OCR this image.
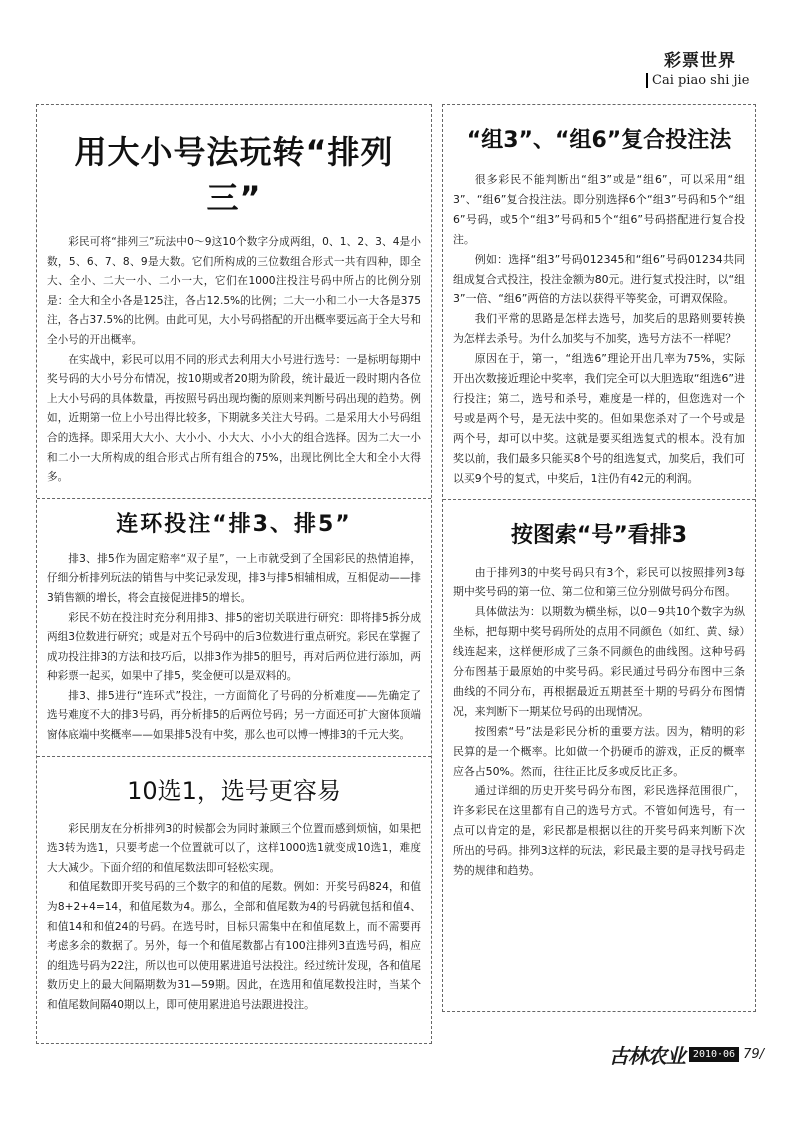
彩票世界
Cai piao shi jie
用大小号法玩转“排列三”

彩民可将“排列三”玩法中0～9这10个数字分成两组，0、1、2、3、4是小数，5、6、7、8、9是大数。它们所构成的三位数组合形式一共有四种，即全大、全小、二大一小、二小一大，它们在1000注投注号码中所占的比例分别是：全大和全小各是125注，各占12.5%的比例；二大一小和二小一大各是375注，各占37.5%的比例。由此可见，大小号码搭配的开出概率要远高于全大号和全小号的开出概率。

在实战中，彩民可以用不同的形式去利用大小号进行选号：一是标明每期中奖号码的大小号分布情况，按10期或者20期为阶段，统计最近一段时期内各位上大小号码的具体数量，再按照号码出现均衡的原则来判断号码出现的趋势。例如，近期第一位上小号出得比较多，下期就多关注大号码。二是采用大小号码组合的选择。即采用大大小、大小小、小大大、小小大的组合选择。因为二大一小和二小一大所构成的组合形式占所有组合的75%，出现比例比全大和全小大得多。

连环投注“排3、排5”

排3、排5作为固定赔率“双子星”，一上市就受到了全国彩民的热情追捧，仔细分析排列玩法的销售与中奖记录发现，排3与排5相辅相成，互相促动——排3销售额的增长，将会直接促进排5的增长。

彩民不妨在投注时充分利用排3、排5的密切关联进行研究：即将排5拆分成两组3位数进行研究；或是对五个号码中的后3位数进行重点研究。彩民在掌握了成功投注排3的方法和技巧后，以排3作为排5的胆号，再对后两位进行添加，两种彩票一起买，如果中了排5，奖金便可以是双料的。

排3、排5进行“连环式”投注，一方面简化了号码的分析难度——先确定了选号难度不大的排3号码，再分析排5的后两位号码；另一方面还可扩大窗体顶端窗体底端中奖概率——如果排5没有中奖，那么也可以博一博排3的千元大奖。

10选1，选号更容易

彩民朋友在分析排列3的时候都会为同时兼顾三个位置而感到烦恼，如果把选3转为选1，只要考虑一个位置就可以了，这样1000选1就变成10选1，难度大大减少。下面介绍的和值尾数法即可轻松实现。

和值尾数即开奖号码的三个数字的和值的尾数。例如：开奖号码824，和值为8+2+4=14，和值尾数为4。那么，全部和值尾数为4的号码就包括和值4、和值14和和值24的号码。在选号时，目标只需集中在和值尾数上，而不需要再考虑多余的数据了。另外，每一个和值尾数都占有100注排列3直选号码，相应的组选号码为22注，所以也可以使用累进追号法投注。经过统计发现，各和值尾数历史上的最大间隔期数为31—59期。因此，在选用和值尾数投注时，当某个和值尾数间隔40期以上，即可使用累进追号法跟进投注。

“组3”、“组6”复合投注法

很多彩民不能判断出“组3”或是“组6”，可以采用“组3”、“组6”复合投注法。即分别选择6个“组3”号码和5个“组6”号码，或5个“组3”号码和5个“组6”号码搭配进行复合投注。

例如：选择“组3”号码012345和“组6”号码01234共同组成复合式投注，投注金额为80元。进行复式投注时，以“组3”一倍、“组6”两倍的方法以获得平等奖金，可谓双保险。

我们平常的思路是怎样去选号，加奖后的思路则要转换为怎样去杀号。为什么加奖与不加奖，选号方法不一样呢？

原因在于，第一，“组选6”理论开出几率为75%，实际开出次数接近理论中奖率，我们完全可以大胆选取“组选6”进行投注；第二，选号和杀号，难度是一样的，但您选对一个号或是两个号，是无法中奖的。但如果您杀对了一个号或是两个号，却可以中奖。这就是要买组选复式的根本。没有加奖以前，我们最多只能买8个号的组选复式，加奖后，我们可以买9个号的复式，中奖后，1注仍有42元的利润。

按图索“号”看排3

由于排列3的中奖号码只有3个，彩民可以按照排列3每期中奖号码的第一位、第二位和第三位分别做号码分布图。

具体做法为：以期数为横坐标，以0－9共10个数字为纵坐标，把每期中奖号码所处的点用不同颜色（如红、黄、绿）线连起来，这样便形成了三条不同颜色的曲线图。这种号码分布图基于最原始的中奖号码。彩民通过号码分布图中三条曲线的不同分布，再根据最近五期甚至十期的号码分布图情况，来判断下一期某位号码的出现情况。

按图索“号”法是彩民分析的重要方法。因为，精明的彩民算的是一个概率。比如做一个扔硬币的游戏，正反的概率应各占50%。然而，往往正比反多或反比正多。

通过详细的历史开奖号码分布图，彩民选择范围很广，许多彩民在这里都有自己的选号方式。不管如何选号，有一点可以肯定的是，彩民都是根据以往的开奖号码来判断下次所出的号码。排列3这样的玩法，彩民最主要的是寻找号码走势的规律和趋势。

古林农业 2010·06 79/
